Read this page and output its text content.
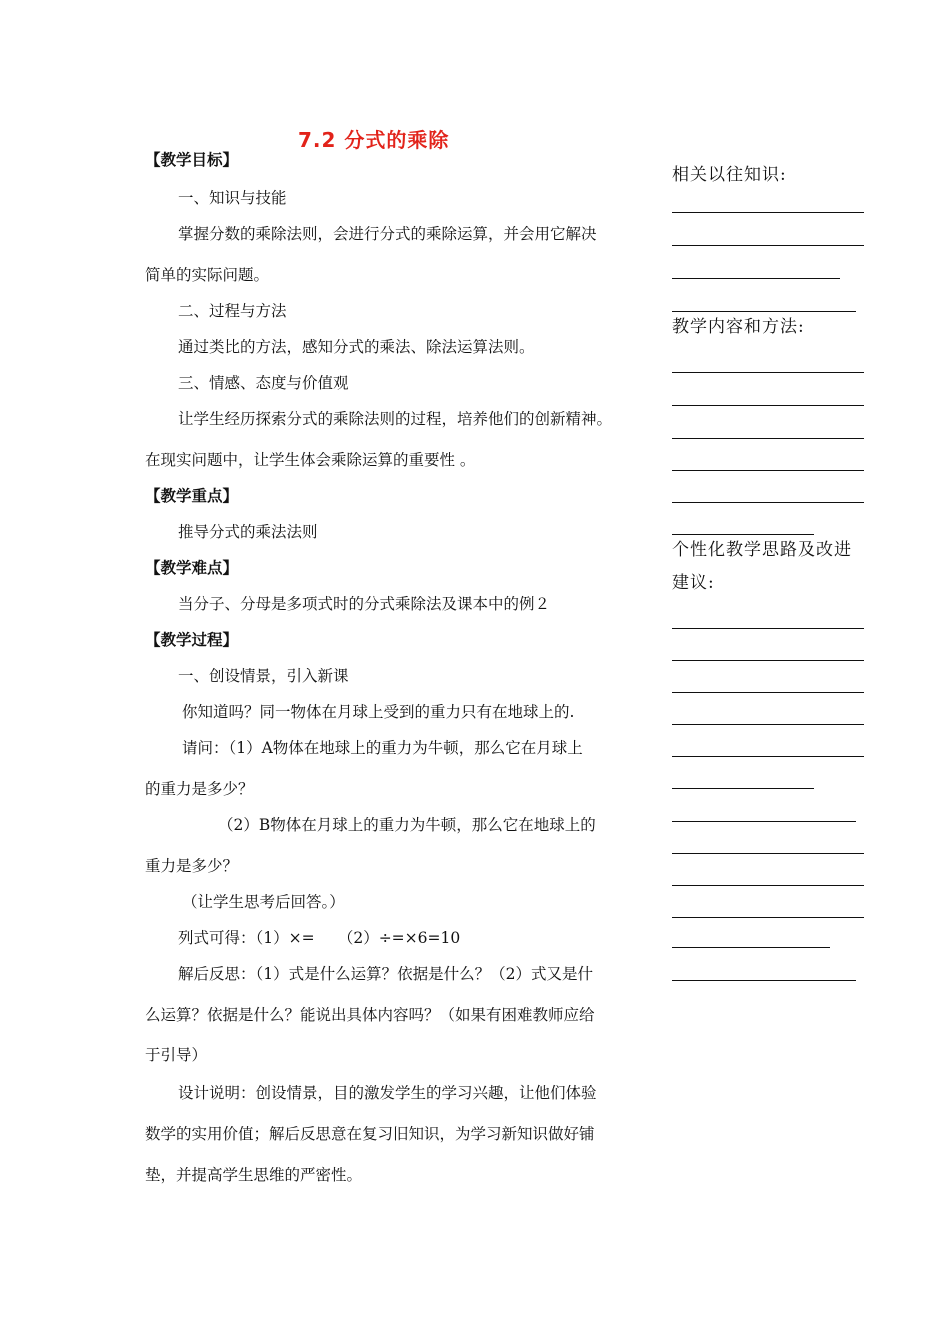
7.2 分式的乘除

【教学目标】

一、知识与技能

掌握分数的乘除法则，会进行分式的乘除运算，并会用它解决

简单的实际问题。

二、过程与方法

通过类比的方法，感知分式的乘法、除法运算法则。

三、情感、态度与价值观

让学生经历探索分式的乘除法则的过程，培养他们的创新精神。

在现实问题中，让学生体会乘除运算的重要性 。

【教学重点】

推导分式的乘法法则

【教学难点】

当分子、分母是多项式时的分式乘除法及课本中的例２

【教学过程】

一、创设情景，引入新课

你知道吗？同一物体在月球上受到的重力只有在地球上的.

请问：（1）A物体在地球上的重力为牛顿，那么它在月球上

的重力是多少？

（2）B物体在月球上的重力为牛顿，那么它在地球上的

重力是多少？

（让学生思考后回答。）

列式可得：（1）×=　　（2）÷=×6=10

解后反思：（1）式是什么运算？依据是什么？（2）式又是什

么运算？依据是什么？能说出具体内容吗？（如果有困难教师应给

于引导）

设计说明：创设情景，目的激发学生的学习兴趣，让他们体验

数学的实用价值；解后反思意在复习旧知识，为学习新知识做好铺

垫，并提高学生思维的严密性。

相关以往知识:
教学内容和方法:
个性化教学思路及改进
建议:
